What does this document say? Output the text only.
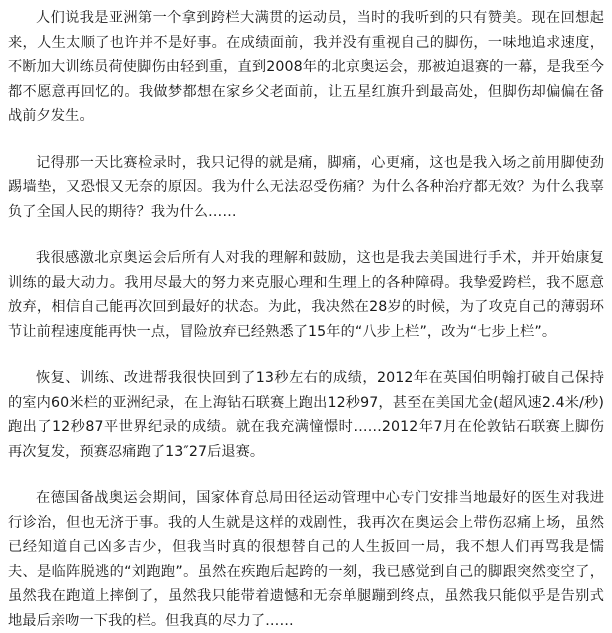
人们说我是亚洲第一个拿到跨栏大满贯的运动员，当时的我听到的只有赞美。现在回想起来，人生太顺了也许并不是好事。在成绩面前，我并没有重视自己的脚伤，一味地追求速度，不断加大训练员荷使脚伤由轻到重，直到2008年的北京奥运会，那被迫退赛的一幕，是我至今都不愿意再回忆的。我做梦都想在家乡父老面前，让五星红旗升到最高处，但脚伤却偏偏在备战前夕发生。

记得那一天比赛检录时，我只记得的就是痛，脚痛，心更痛，这也是我入场之前用脚使劲踢墙垫，又恐恨又无奈的原因。我为什么无法忍受伤痛？为什么各种治疗都无效？为什么我辜负了全国人民的期待？我为什么……

我很感激北京奥运会后所有人对我的理解和鼓励，这也是我去美国进行手术，并开始康复训练的最大动力。我用尽最大的努力来克服心理和生理上的各种障碍。我挚爱跨栏，我不愿意放弃，相信自己能再次回到最好的状态。为此，我决然在28岁的时候，为了攻克自己的薄弱环节让前程速度能再快一点，冒险放弃已经熟悉了15年的“八步上栏”，改为“七步上栏”。

恢复、训练、改进帮我很快回到了13秒左右的成绩，2012年在英国伯明翰打破自己保持的室内60米栏的亚洲纪录，在上海钻石联赛上跑出12秒97，甚至在美国尤金(超风速2.4米/秒)跑出了12秒87平世界纪录的成绩。就在我充满憧憬时……2012年7月在伦敦钻石联赛上脚伤再次复发，预赛忍痛跑了13″27后退赛。

在德国备战奥运会期间，国家体育总局田径运动管理中心专门安排当地最好的医生对我进行诊治，但也无济于事。我的人生就是这样的戏剧性，我再次在奥运会上带伤忍痛上场，虽然已经知道自己凶多吉少，但我当时真的很想替自己的人生扳回一局，我不想人们再骂我是懦夫、是临阵脱逃的“刘跑跑”。虽然在疾跑后起跨的一刻，我已感觉到自己的脚跟突然变空了，虽然我在跑道上摔倒了，虽然我只能带着遗憾和无奈单腿蹦到终点，虽然我只能似乎是告别式地最后亲吻一下我的栏。但我真的尽力了……
